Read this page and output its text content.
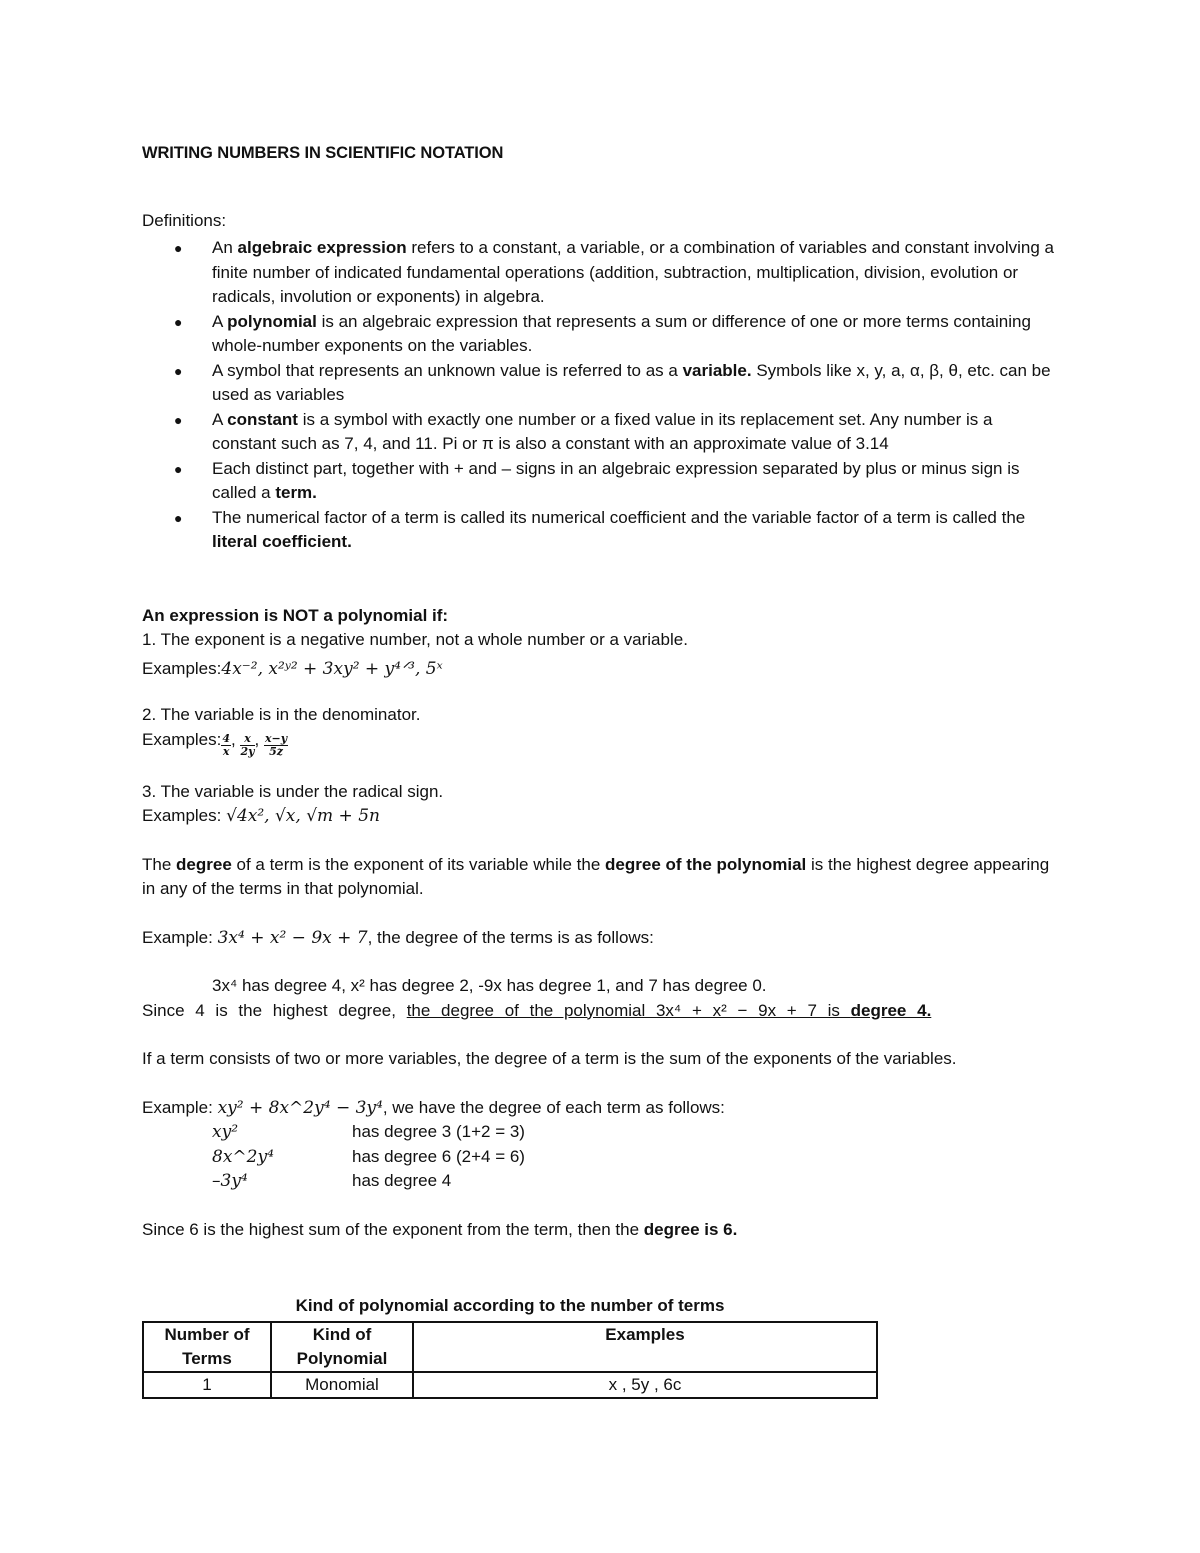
WRITING NUMBERS IN SCIENTIFIC NOTATION

Definitions:

● An algebraic expression refers to a constant, a variable, or a combination of variables and constant involving a finite number of indicated fundamental operations (addition, subtraction, multiplication, division, evolution or radicals, involution or exponents) in algebra.
● A polynomial is an algebraic expression that represents a sum or difference of one or more terms containing whole-number exponents on the variables.
● A symbol that represents an unknown value is referred to as a variable. Symbols like x, y, a, α, β, θ, etc. can be used as variables
● A constant is a symbol with exactly one number or a fixed value in its replacement set. Any number is a constant such as 7, 4, and 11. Pi or π is also a constant with an approximate value of 3.14
● Each distinct part, together with + and – signs in an algebraic expression separated by plus or minus sign is called a term.
● The numerical factor of a term is called its numerical coefficient and the variable factor of a term is called the literal coefficient.

An expression is NOT a polynomial if:

1. The exponent is a negative number, not a whole number or a variable.

Examples:4x⁻², x²ʸ² + 3xy² + y⁴ᐟ³, 5ˣ

2. The variable is in the denominator.

Examples: $\frac{4}{x}$ , $\frac{x}{2y}$ , $\frac{x-y}{5z}$

3. The variable is under the radical sign.

Examples: √4x², √x, √m + 5n

The degree of a term is the exponent of its variable while the degree of the polynomial is the highest degree appearing in any of the terms in that polynomial.

Example: 3x⁴ + x² − 9x + 7, the degree of the terms is as follows:

3x⁴ has degree 4, x² has degree 2, -9x has degree 1, and 7 has degree 0.

Since 4 is the highest degree, the degree of the polynomial 3x⁴ + x² − 9x + 7 is degree 4.

If a term consists of two or more variables, the degree of a term is the sum of the exponents of the variables.

Example: xy² + 8x^2y⁴ − 3y⁴, we have the degree of each term as follows:

xy²	has degree 3 (1+2 = 3)
8x^2y⁴	has degree 6 (2+4 = 6)
–3y⁴	has degree 4

Since 6 is the highest sum of the exponent from the term, then the degree is 6.

Kind of polynomial according to the number of terms

Number of Terms	Kind of Polynomial	Examples
1	Monomial	x , 5y , 6c
